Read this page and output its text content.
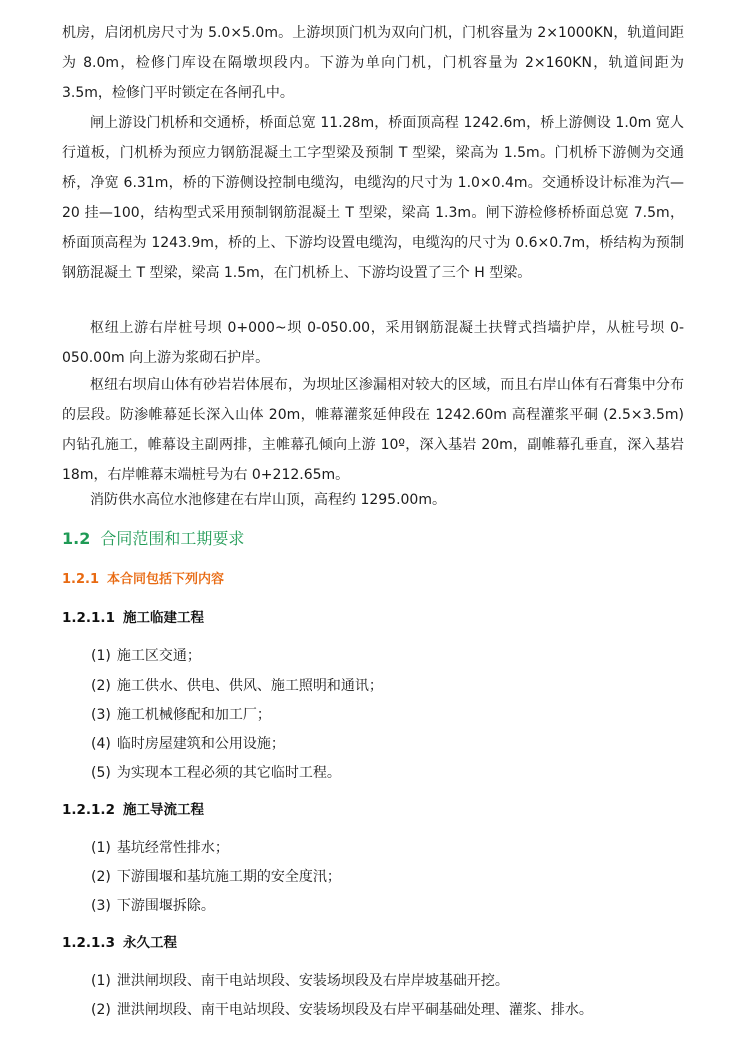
机房，启闭机房尺寸为 5.0×5.0m。上游坝顶门机为双向门机，门机容量为 2×1000KN，轨道间距为 8.0m，检修门库设在隔墩坝段内。下游为单向门机，门机容量为 2×160KN，轨道间距为 3.5m，检修门平时锁定在各闸孔中。

闸上游设门机桥和交通桥，桥面总宽 11.28m，桥面顶高程 1242.6m，桥上游侧设 1.0m 宽人行道板，门机桥为预应力钢筋混凝土工字型梁及预制 T 型梁，梁高为 1.5m。门机桥下游侧为交通桥，净宽 6.31m，桥的下游侧设控制电缆沟，电缆沟的尺寸为 1.0×0.4m。交通桥设计标准为汽—20 挂—100，结构型式采用预制钢筋混凝土 T 型梁，梁高 1.3m。闸下游检修桥桥面总宽 7.5m，桥面顶高程为 1243.9m，桥的上、下游均设置电缆沟，电缆沟的尺寸为 0.6×0.7m，桥结构为预制钢筋混凝土 T 型梁，梁高 1.5m，在门机桥上、下游均设置了三个 H 型梁。

枢纽上游右岸桩号坝 0+000~坝 0-050.00，采用钢筋混凝土扶臂式挡墙护岸，从桩号坝 0-050.00m 向上游为浆砌石护岸。

枢纽右坝肩山体有砂岩岩体展布，为坝址区渗漏相对较大的区域，而且右岸山体有石膏集中分布的层段。防渗帷幕延长深入山体 20m，帷幕灌浆延伸段在 1242.60m 高程灌浆平硐 (2.5×3.5m) 内钻孔施工，帷幕设主副两排，主帷幕孔倾向上游 10º，深入基岩 20m，副帷幕孔垂直，深入基岩 18m，右岸帷幕末端桩号为右 0+212.65m。

消防供水高位水池修建在右岸山顶，高程约 1295.00m。

1.2 合同范围和工期要求
1.2.1 本合同包括下列内容
1.2.1.1 施工临建工程

(1) 施工区交通；

(2) 施工供水、供电、供风、施工照明和通讯；

(3) 施工机械修配和加工厂；

(4) 临时房屋建筑和公用设施；

(5) 为实现本工程必须的其它临时工程。

1.2.1.2 施工导流工程

(1) 基坑经常性排水；

(2) 下游围堰和基坑施工期的安全度汛；

(3) 下游围堰拆除。

1.2.1.3 永久工程

(1) 泄洪闸坝段、南干电站坝段、安装场坝段及右岸岸坡基础开挖。

(2) 泄洪闸坝段、南干电站坝段、安装场坝段及右岸平硐基础处理、灌浆、排水。
